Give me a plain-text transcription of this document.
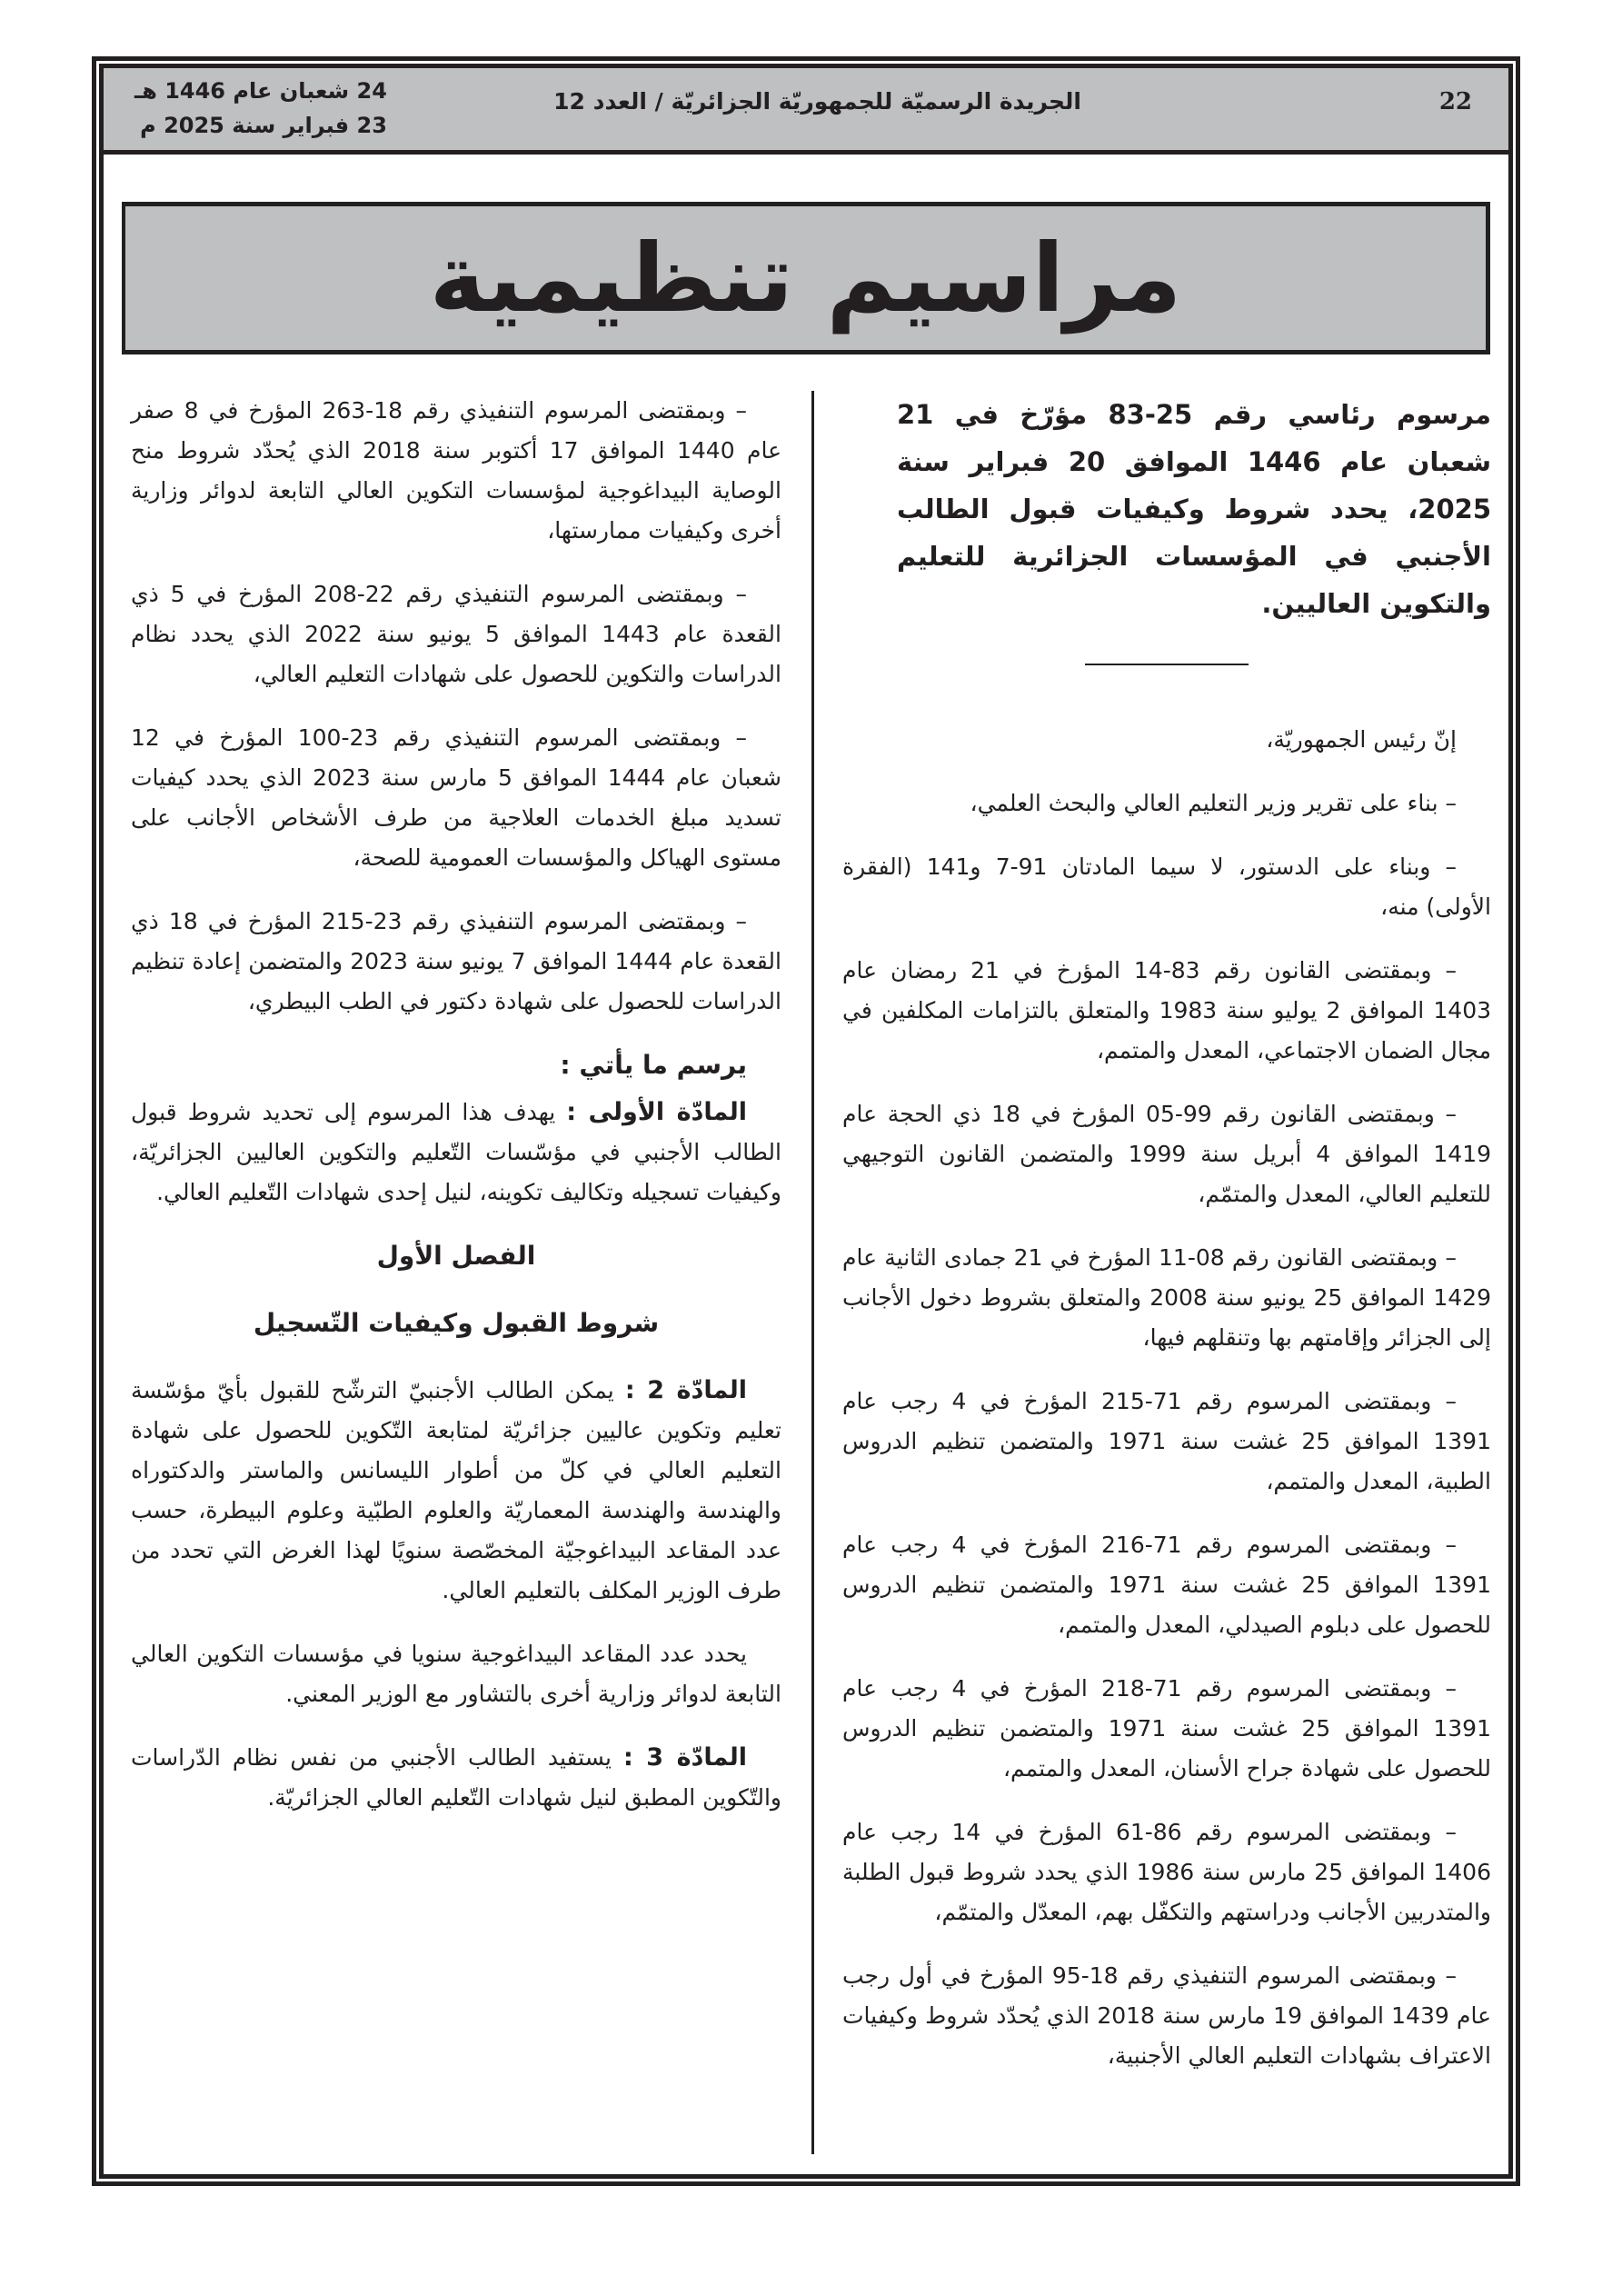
22
الجريدة الرسميّة للجمهوريّة الجزائريّة / العدد 12
24 شعبان عام 1446 هـ
23 فبراير سنة 2025 م
مراسيم تنظيمية
مرسوم رئاسي رقم 25-83 مؤرّخ في 21 شعبان عام 1446 الموافق 20 فبراير سنة 2025، يحدد شروط وكيفيات قبول الطالب الأجنبي في المؤسسات الجزائرية للتعليم والتكوين العاليين.

إنّ رئيس الجمهوريّة،

– بناء على تقرير وزير التعليم العالي والبحث العلمي،

– وبناء على الدستور، لا سيما المادتان 91-7 و141 (الفقرة الأولى) منه،

– وبمقتضى القانون رقم 83-14 المؤرخ في 21 رمضان عام 1403 الموافق 2 يوليو سنة 1983 والمتعلق بالتزامات المكلفين في مجال الضمان الاجتماعي، المعدل والمتمم،

– وبمقتضى القانون رقم 99-05 المؤرخ في 18 ذي الحجة عام 1419 الموافق 4 أبريل سنة 1999 والمتضمن القانون التوجيهي للتعليم العالي، المعدل والمتمّم،

– وبمقتضى القانون رقم 08-11 المؤرخ في 21 جمادى الثانية عام 1429 الموافق 25 يونيو سنة 2008 والمتعلق بشروط دخول الأجانب إلى الجزائر وإقامتهم بها وتنقلهم فيها،

– وبمقتضى المرسوم رقم 71-215 المؤرخ في 4 رجب عام 1391 الموافق 25 غشت سنة 1971 والمتضمن تنظيم الدروس الطبية، المعدل والمتمم،

– وبمقتضى المرسوم رقم 71-216 المؤرخ في 4 رجب عام 1391 الموافق 25 غشت سنة 1971 والمتضمن تنظيم الدروس للحصول على دبلوم الصيدلي، المعدل والمتمم،

– وبمقتضى المرسوم رقم 71-218 المؤرخ في 4 رجب عام 1391 الموافق 25 غشت سنة 1971 والمتضمن تنظيم الدروس للحصول على شهادة جراح الأسنان، المعدل والمتمم،

– وبمقتضى المرسوم رقم 86-61 المؤرخ في 14 رجب عام 1406 الموافق 25 مارس سنة 1986 الذي يحدد شروط قبول الطلبة والمتدربين الأجانب ودراستهم والتكفّل بهم، المعدّل والمتمّم،

– وبمقتضى المرسوم التنفيذي رقم 18-95 المؤرخ في أول رجب عام 1439 الموافق 19 مارس سنة 2018 الذي يُحدّد شروط وكيفيات الاعتراف بشهادات التعليم العالي الأجنبية،

– وبمقتضى المرسوم التنفيذي رقم 18-263 المؤرخ في 8 صفر عام 1440 الموافق 17 أكتوبر سنة 2018 الذي يُحدّد شروط منح الوصاية البيداغوجية لمؤسسات التكوين العالي التابعة لدوائر وزارية أخرى وكيفيات ممارستها،

– وبمقتضى المرسوم التنفيذي رقم 22-208 المؤرخ في 5 ذي القعدة عام 1443 الموافق 5 يونيو سنة 2022 الذي يحدد نظام الدراسات والتكوين للحصول على شهادات التعليم العالي،

– وبمقتضى المرسوم التنفيذي رقم 23-100 المؤرخ في 12 شعبان عام 1444 الموافق 5 مارس سنة 2023 الذي يحدد كيفيات تسديد مبلغ الخدمات العلاجية من طرف الأشخاص الأجانب على مستوى الهياكل والمؤسسات العمومية للصحة،

– وبمقتضى المرسوم التنفيذي رقم 23-215 المؤرخ في 18 ذي القعدة عام 1444 الموافق 7 يونيو سنة 2023 والمتضمن إعادة تنظيم الدراسات للحصول على شهادة دكتور في الطب البيطري،

يرسم ما يأتي :

المادّة الأولى : يهدف هذا المرسوم إلى تحديد شروط قبول الطالب الأجنبي في مؤسّسات التّعليم والتكوين العاليين الجزائريّة، وكيفيات تسجيله وتكاليف تكوينه، لنيل إحدى شهادات التّعليم العالي.

الفصل الأول

شروط القبول وكيفيات التّسجيل

المادّة 2 : يمكن الطالب الأجنبيّ الترشّح للقبول بأيّ مؤسّسة تعليم وتكوين عاليين جزائريّة لمتابعة التّكوين للحصول على شهادة التعليم العالي في كلّ من أطوار الليسانس والماستر والدكتوراه والهندسة والهندسة المعماريّة والعلوم الطبّية وعلوم البيطرة، حسب عدد المقاعد البيداغوجيّة المخصّصة سنويًا لهذا الغرض التي تحدد من طرف الوزير المكلف بالتعليم العالي.

يحدد عدد المقاعد البيداغوجية سنويا في مؤسسات التكوين العالي التابعة لدوائر وزارية أخرى بالتشاور مع الوزير المعني.

المادّة 3 : يستفيد الطالب الأجنبي من نفس نظام الدّراسات والتّكوين المطبق لنيل شهادات التّعليم العالي الجزائريّة.
